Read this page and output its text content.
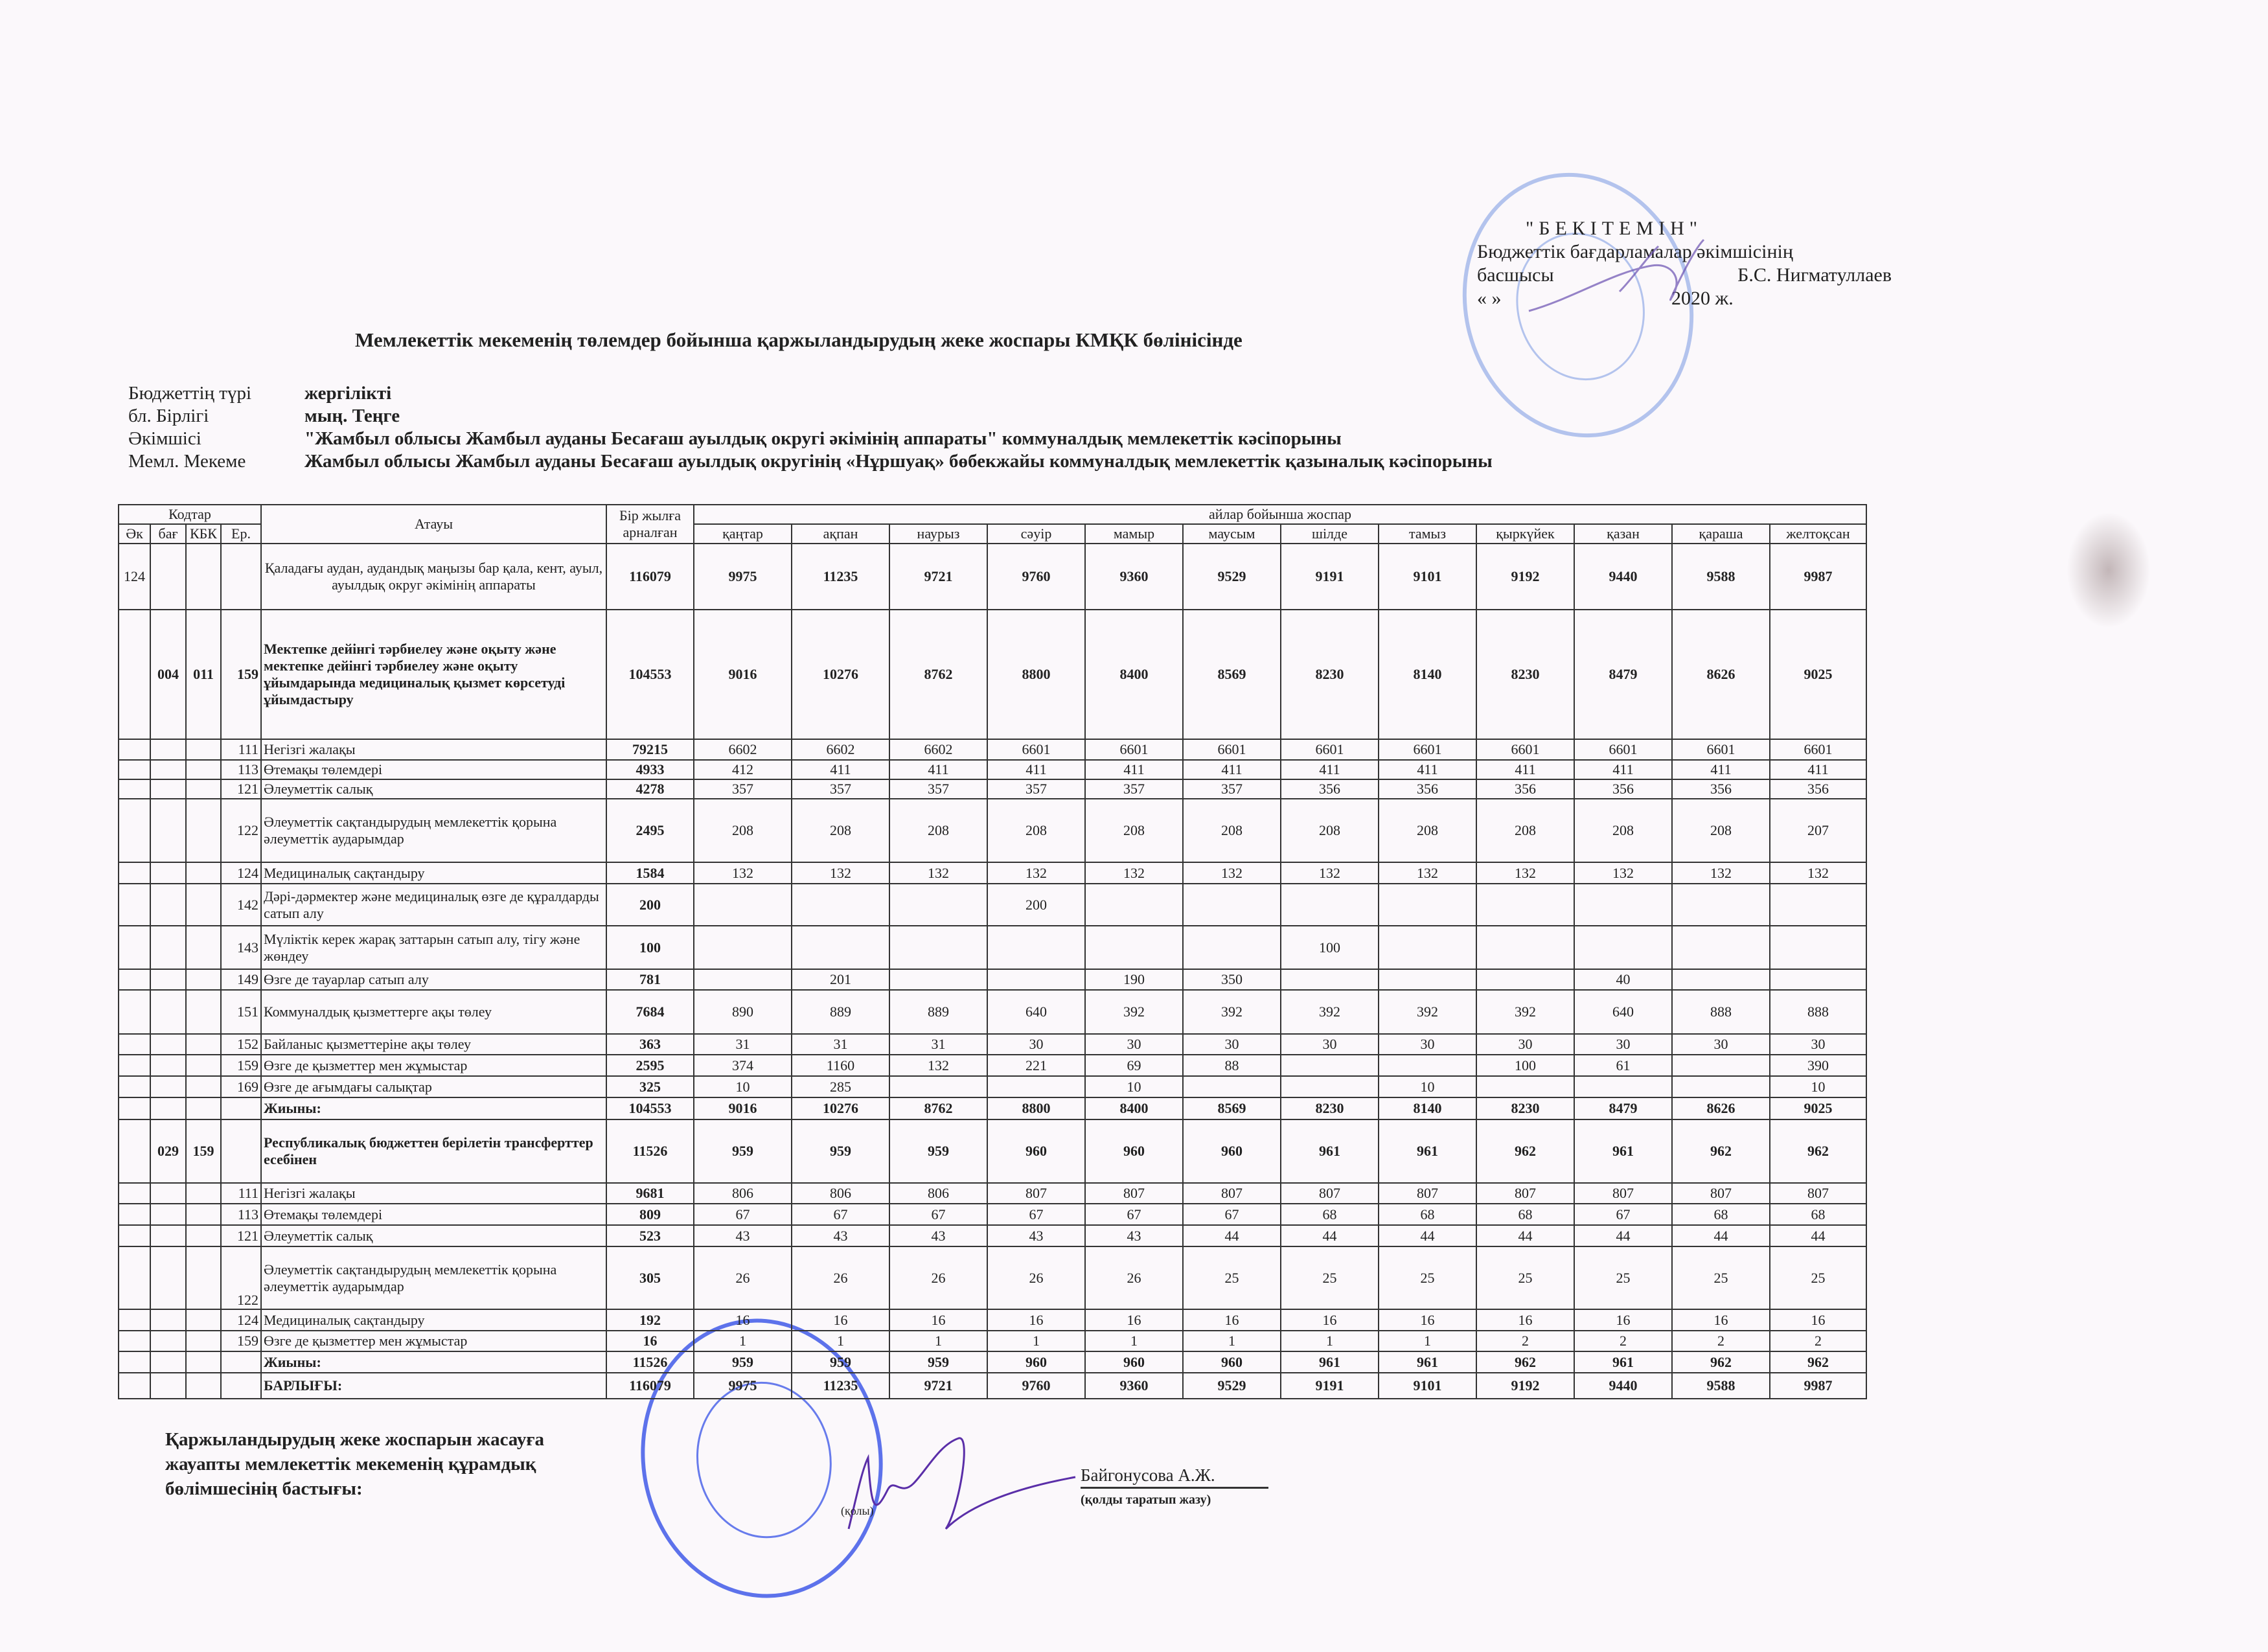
"БЕКІТЕМІН"
Бюджеттік бағдарламалар әкімшісінің
басшысы	Б.С. Нигматуллаев
« »	2020 ж.
Мемлекеттік мекеменің төлемдер бойынша қаржыландырудың жеке жоспары КМҚК бөлінісінде
Бюджеттің түрі	жергілікті
бл. Бірлігі	мың. Теңге
Әкімшісі	"Жамбыл облысы Жамбыл ауданы Бесағаш ауылдық округі әкімінің аппараты" коммуналдық мемлекеттік кәсіпорыны
Мемл. Мекеме	Жамбыл облысы Жамбыл ауданы Бесағаш ауылдық округінің «Нұршуақ» бөбекжайы коммуналдық мемлекеттік қазыналық кәсіпорыны
Кодтар				Атауы	Бір жылға арналған	айлар бойынша жоспар											
Әк	бағ	КБК	Ер.			қаңтар	ақпан	наурыз	сәуір	мамыр	маусым	шілде	тамыз	қыркүйек	қазан	қараша	желтоқсан
124				Қаладағы аудан, аудандық маңызы бар қала, кент, ауыл, ауылдық округ әкімінің аппараты	116079	9975	11235	9721	9760	9360	9529	9191	9101	9192	9440	9588	9987
	004	011	159	Мектепке дейінгі тәрбиелеу және оқыту және мектепке дейінгі тәрбиелеу және оқыту ұйымдарында медициналық қызмет көрсетуді ұйымдастыру	104553	9016	10276	8762	8800	8400	8569	8230	8140	8230	8479	8626	9025
			111	Негізгі жалақы	79215	6602	6602	6602	6601	6601	6601	6601	6601	6601	6601	6601	6601
			113	Өтемақы төлемдері	4933	412	411	411	411	411	411	411	411	411	411	411	411
			121	Әлеуметтік салық	4278	357	357	357	357	357	357	356	356	356	356	356	356
			122	Әлеуметтік сақтандырудың мемлекеттік қорына әлеуметтік аударымдар	2495	208	208	208	208	208	208	208	208	208	208	208	207
			124	Медициналық сақтандыру	1584	132	132	132	132	132	132	132	132	132	132	132	132
			142	Дәрі-дәрмектер және медициналық өзге де құралдарды сатып алу	200				200								
			143	Мүліктік керек жарақ заттарын сатып алу, тігу және жөндеу	100							100					
			149	Өзге де тауарлар сатып алу	781		201			190	350				40		
			151	Коммуналдық қызметтерге ақы төлеу	7684	890	889	889	640	392	392	392	392	392	640	888	888
			152	Байланыс қызметтеріне ақы төлеу	363	31	31	31	30	30	30	30	30	30	30	30	30
			159	Өзге де қызметтер мен жұмыстар	2595	374	1160	132	221	69	88			100	61		390
			169	Өзге де ағымдағы салықтар	325	10	285			10			10				10
				Жиыны:	104553	9016	10276	8762	8800	8400	8569	8230	8140	8230	8479	8626	9025
	029	159		Республикалық бюджеттен берілетін трансферттер есебінен	11526	959	959	959	960	960	960	961	961	962	961	962	962
			111	Негізгі жалақы	9681	806	806	806	807	807	807	807	807	807	807	807	807
			113	Өтемақы төлемдері	809	67	67	67	67	67	67	68	68	68	67	68	68
			121	Әлеуметтік салық	523	43	43	43	43	43	44	44	44	44	44	44	44
			122	Әлеуметтік сақтандырудың мемлекеттік қорына әлеуметтік аударымдар	305	26	26	26	26	26	25	25	25	25	25	25	25
			124	Медициналық сақтандыру	192	16	16	16	16	16	16	16	16	16	16	16	16
			159	Өзге де қызметтер мен жұмыстар	16	1	1	1	1	1	1	1	1	2	2	2	2
				Жиыны:	11526	959	959	959	960	960	960	961	961	962	961	962	962
				БАРЛЫҒЫ:	116079	9975	11235	9721	9760	9360	9529	9191	9101	9192	9440	9588	9987
Қаржыландырудың жеке жоспарын жасауға жауапты мемлекеттік мекеменің құрамдық бөлімшесінің бастығы:
(қолы)
Байгонусова А.Ж.
(қолды таратып жазу)
